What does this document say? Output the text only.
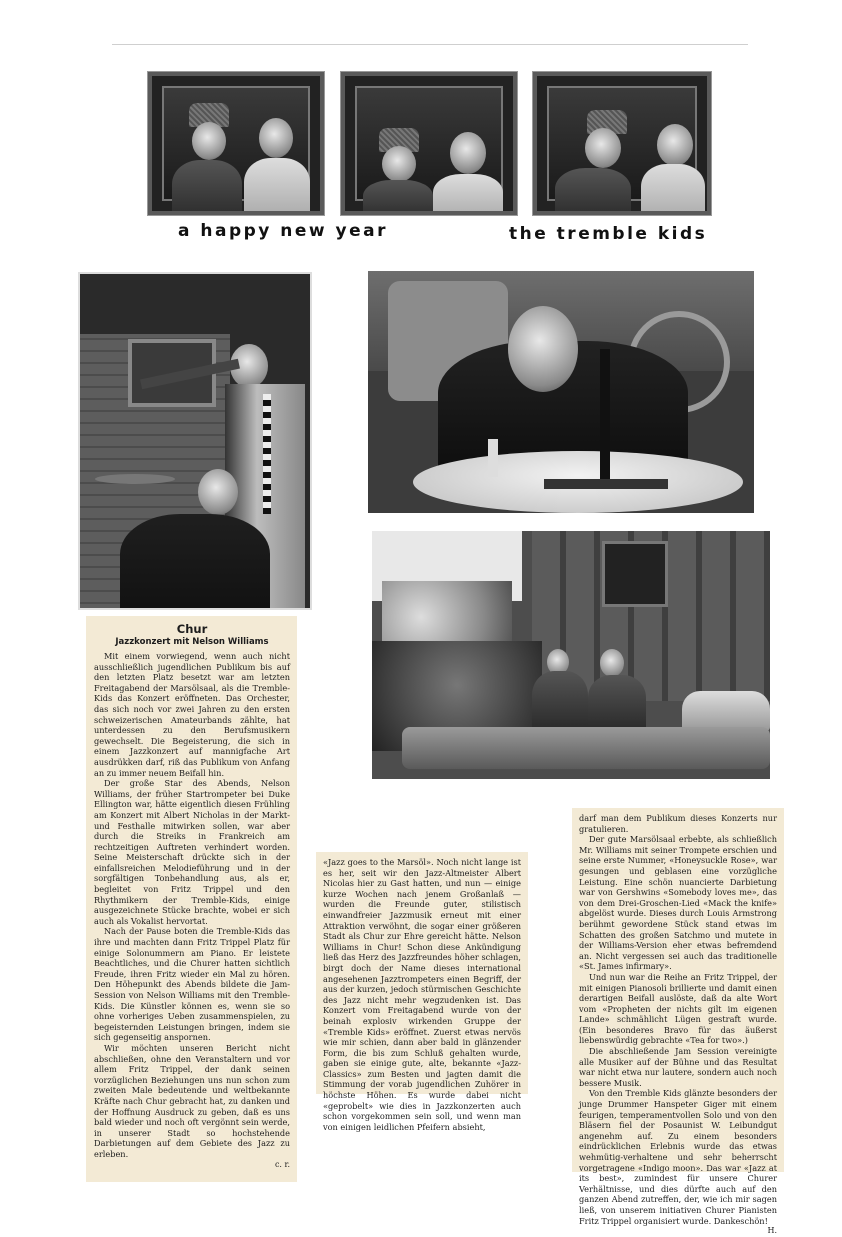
a happy new year	the tremble kids
Chur
Jazzkonzert mit Nelson Williams

Mit einem vorwiegend, wenn auch nicht ausschließlich jugendlichen Publikum bis auf den letzten Platz besetzt war am letzten Freitagabend der Marsölsaal, als die Tremble-Kids das Konzert eröffneten. Das Orchester, das sich noch vor zwei Jahren zu den ersten schweizerischen Amateurbands zählte, hat unterdessen zu den Berufsmusikern gewechselt. Die Begeisterung, die sich in einem Jazzkonzert auf mannigfache Art ausdrükken darf, riß das Publikum von Anfang an zu immer neuem Beifall hin.

Der große Star des Abends, Nelson Williams, der früher Startrompeter bei Duke Ellington war, hätte eigentlich diesen Frühling am Konzert mit Albert Nicholas in der Markt- und Festhalle mitwirken sollen, war aber durch die Streiks in Frankreich am rechtzeitigen Auftreten verhindert worden. Seine Meisterschaft drückte sich in der einfallsreichen Melodieführung und in der sorgfältigen Tonbehandlung aus, als er, begleitet von Fritz Trippel und den Rhythmikern der Tremble-Kids, einige ausgezeichnete Stücke brachte, wobei er sich auch als Vokalist hervortat.

Nach der Pause boten die Tremble-Kids das ihre und machten dann Fritz Trippel Platz für einige Solonummern am Piano. Er leistete Beachtliches, und die Churer hatten sichtlich Freude, ihren Fritz wieder ein Mal zu hören. Den Höhepunkt des Abends bildete die Jam-Session von Nelson Williams mit den Tremble-Kids. Die Künstler können es, wenn sie so ohne vorheriges Ueben zusammenspielen, zu begeisternden Leistungen bringen, indem sie sich gegenseitig anspornen.

Wir möchten unseren Bericht nicht abschließen, ohne den Veranstaltern und vor allem Fritz Trippel, der dank seinen vorzüglichen Beziehungen uns nun schon zum zweiten Male bedeutende und weltbekannte Kräfte nach Chur gebracht hat, zu danken und der Hoffnung Ausdruck zu geben, daß es uns bald wieder und noch oft vergönnt sein werde, in unserer Stadt so hochstehende Darbietungen auf dem Gebiete des Jazz zu erleben.

c. r.

«Jazz goes to the Marsöl». Noch nicht lange ist es her, seit wir den Jazz-Altmeister Albert Nicolas hier zu Gast hatten, und nun — einige kurze Wochen nach jenem Großanlaß — wurden die Freunde guter, stilistisch einwandfreier Jazzmusik erneut mit einer Attraktion verwöhnt, die sogar einer größeren Stadt als Chur zur Ehre gereicht hätte. Nelson Williams in Chur! Schon diese Ankündigung ließ das Herz des Jazzfreundes höher schlagen, birgt doch der Name dieses international angesehenen Jazztrompeters einen Begriff, der aus der kurzen, jedoch stürmischen Geschichte des Jazz nicht mehr wegzudenken ist. Das Konzert vom Freitagabend wurde von der beinah explosiv wirkenden Gruppe der «Tremble Kids» eröffnet. Zuerst etwas nervös wie mir schien, dann aber bald in glänzender Form, die bis zum Schluß gehalten wurde, gaben sie einige gute, alte, bekannte «Jazz-Classics» zum Besten und jagten damit die Stimmung der vorab jugendlichen Zuhörer in höchste Höhen. Es wurde dabei nicht «geprobelt» wie dies in Jazzkonzerten auch schon vorgekommen sein soll, und wenn man von einigen leidlichen Pfeifern absieht,

darf man dem Publikum dieses Konzerts nur gratulieren.

Der gute Marsölsaal erbebte, als schließlich Mr. Williams mit seiner Trompete erschien und seine erste Nummer, «Honeysuckle Rose», war gesungen und geblasen eine vorzügliche Leistung. Eine schön nuancierte Darbietung war von Gershwins «Somebody loves me», das von dem Drei-Groschen-Lied «Mack the knife» abgelöst wurde. Dieses durch Louis Armstrong berühmt gewordene Stück stand etwas im Schatten des großen Satchmo und mutete in der Williams-Version eher etwas befremdend an. Nicht vergessen sei auch das traditionelle «St. James infirmary».

Und nun war die Reihe an Fritz Trippel, der mit einigen Pianosoli brillierte und damit einen derartigen Beifall auslöste, daß da alte Wort vom «Propheten der nichts gilt im eigenen Lande» schmählicht Lügen gestraft wurde. (Ein besonderes Bravo für das äußerst liebenswürdig gebrachte «Tea for two».)

Die abschließende Jam Session vereinigte alle Musiker auf der Bühne und das Resultat war nicht etwa nur lautere, sondern auch noch bessere Musik.

Von den Tremble Kids glänzte besonders der junge Drummer Hanspeter Giger mit einem feurigen, temperamentvollen Solo und von den Bläsern fiel der Posaunist W. Leibundgut angenehm auf. Zu einem besonders eindrücklichen Erlebnis wurde das etwas wehmütig-verhaltene und sehr beherrscht vorgetragene «Indigo moon». Das war «Jazz at its best», zumindest für unsere Churer Verhältnisse, und dies dürfte auch auf den ganzen Abend zutreffen, der, wie ich mir sagen ließ, von unserem initiativen Churer Pianisten Fritz Trippel organisiert wurde. Dankeschön!

H.
